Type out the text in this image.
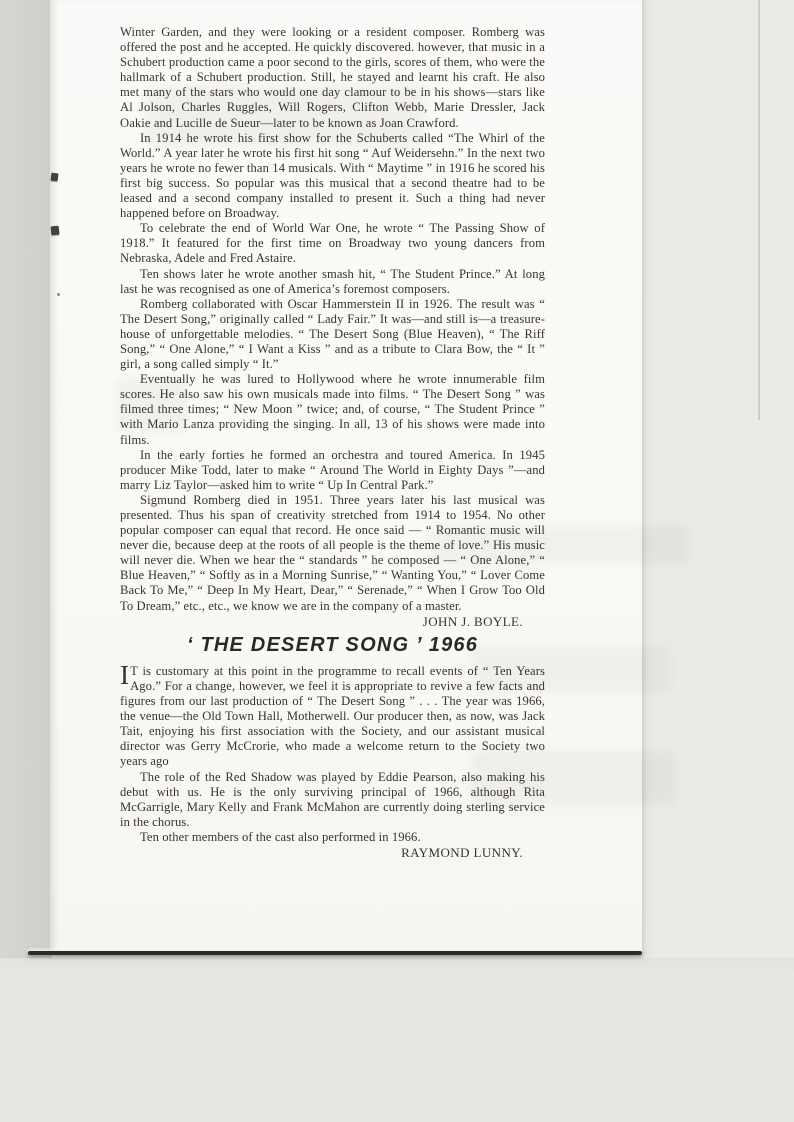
Winter Garden, and they were looking or a resident composer. Romberg was offered the post and he accepted. He quickly discovered. however, that music in a Schubert production came a poor second to the girls, scores of them, who were the hallmark of a Schubert production. Still, he stayed and learnt his craft. He also met many of the stars who would one day clamour to be in his shows—stars like Al Jolson, Charles Ruggles, Will Rogers, Clifton Webb, Marie Dressler, Jack Oakie and Lucille de Sueur—later to be known as Joan Crawford.

In 1914 he wrote his first show for the Schuberts called “The Whirl of the World.” A year later he wrote his first hit song “ Auf Weidersehn.” In the next two years he wrote no fewer than 14 musicals. With “ Maytime ” in 1916 he scored his first big success. So popular was this musical that a second theatre had to be leased and a second company installed to present it. Such a thing had never happened before on Broadway.

To celebrate the end of World War One, he wrote “ The Passing Show of 1918.” It featured for the first time on Broadway two young dancers from Nebraska, Adele and Fred Astaire.

Ten shows later he wrote another smash hit, “ The Student Prince.” At long last he was recognised as one of America’s foremost composers.

Romberg collaborated with Oscar Hammerstein II in 1926. The result was “ The Desert Song,” originally called “ Lady Fair.” It was—and still is—a treasure-house of unforgettable melodies. “ The Desert Song (Blue Heaven), “ The Riff Song,” “ One Alone,” “ I Want a Kiss ” and as a tribute to Clara Bow, the “ It ” girl, a song called simply “ It.”

Eventually he was lured to Hollywood where he wrote innumerable film scores. He also saw his own musicals made into films. “ The Desert Song ” was filmed three times; “ New Moon ” twice; and, of course, “ The Student Prince ” with Mario Lanza providing the singing. In all, 13 of his shows were made into films.

In the early forties he formed an orchestra and toured America. In 1945 producer Mike Todd, later to make “ Around The World in Eighty Days ”—and marry Liz Taylor—asked him to write “ Up In Central Park.”

Sigmund Romberg died in 1951. Three years later his last musical was presented. Thus his span of creativity stretched from 1914 to 1954. No other popular composer can equal that record. He once said — “ Romantic music will never die, because deep at the roots of all people is the theme of love.” His music will never die. When we hear the “ standards ” he composed — “ One Alone,” “ Blue Heaven,” “ Softly as in a Morning Sunrise,” “ Wanting You,” “ Lover Come Back To Me,” “ Deep In My Heart, Dear,” “ Serenade,” “ When I Grow Too Old To Dream,” etc., etc., we know we are in the company of a master.

JOHN J. BOYLE.

‘ THE DESERT SONG ’ 1966

IT is customary at this point in the programme to recall events of “ Ten Years Ago.” For a change, however, we feel it is appropriate to revive a few facts and figures from our last production of “ The Desert Song ” . . . The year was 1966, the venue—the Old Town Hall, Motherwell. Our producer then, as now, was Jack Tait, enjoying his first association with the Society, and our assistant musical director was Gerry McCrorie, who made a welcome return to the Society two years ago

The role of the Red Shadow was played by Eddie Pearson, also making his debut with us. He is the only surviving principal of 1966, although Rita McGarrigle, Mary Kelly and Frank McMahon are currently doing sterling service in the chorus.

Ten other members of the cast also performed in 1966.

RAYMOND LUNNY.
